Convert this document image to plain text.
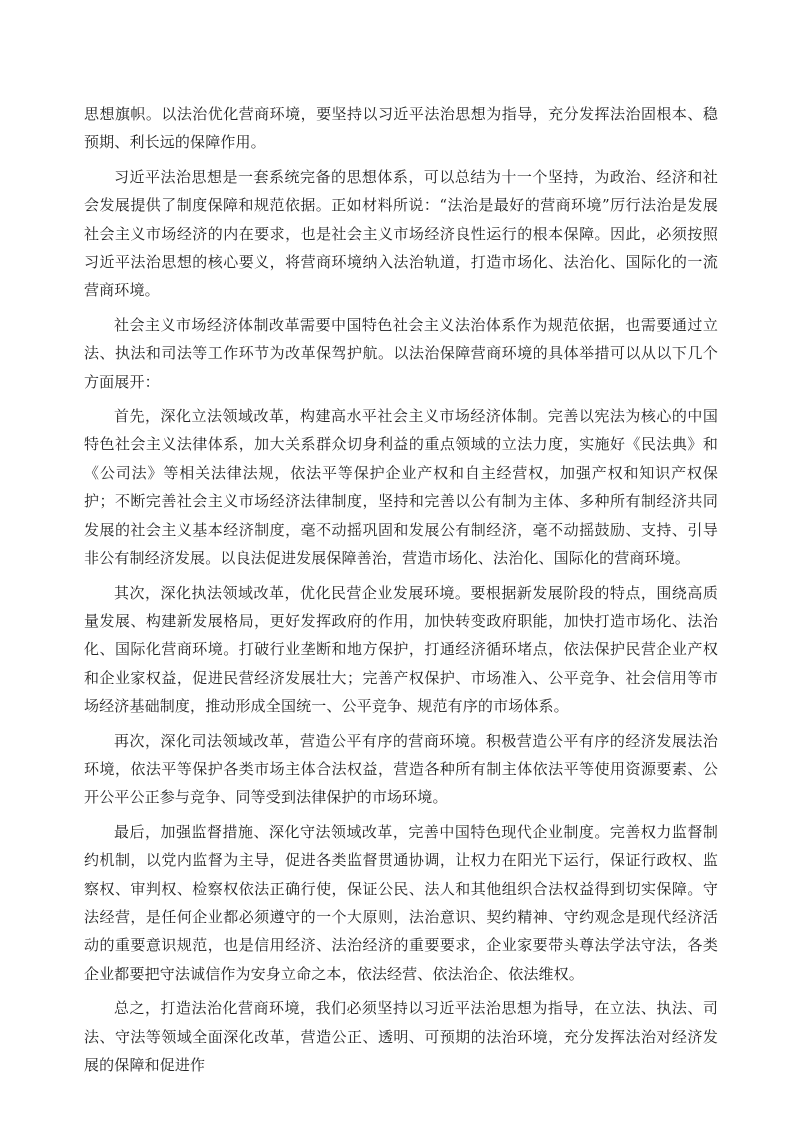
思想旗帜。以法治优化营商环境，要坚持以习近平法治思想为指导，充分发挥法治固根本、稳预期、利长远的保障作用。

习近平法治思想是一套系统完备的思想体系，可以总结为十一个坚持，为政治、经济和社会发展提供了制度保障和规范依据。正如材料所说：“法治是最好的营商环境”厉行法治是发展社会主义市场经济的内在要求，也是社会主义市场经济良性运行的根本保障。因此，必须按照习近平法治思想的核心要义，将营商环境纳入法治轨道，打造市场化、法治化、国际化的一流营商环境。

社会主义市场经济体制改革需要中国特色社会主义法治体系作为规范依据，也需要通过立法、执法和司法等工作环节为改革保驾护航。以法治保障营商环境的具体举措可以从以下几个方面展开：

首先，深化立法领域改革，构建高水平社会主义市场经济体制。完善以宪法为核心的中国特色社会主义法律体系，加大关系群众切身利益的重点领域的立法力度，实施好《民法典》和《公司法》等相关法律法规，依法平等保护企业产权和自主经营权，加强产权和知识产权保护；不断完善社会主义市场经济法律制度，坚持和完善以公有制为主体、多种所有制经济共同发展的社会主义基本经济制度，毫不动摇巩固和发展公有制经济，毫不动摇鼓励、支持、引导非公有制经济发展。以良法促进发展保障善治，营造市场化、法治化、国际化的营商环境。

其次，深化执法领域改革，优化民营企业发展环境。要根据新发展阶段的特点，围绕高质量发展、构建新发展格局，更好发挥政府的作用，加快转变政府职能，加快打造市场化、法治化、国际化营商环境。打破行业垄断和地方保护，打通经济循环堵点，依法保护民营企业产权和企业家权益，促进民营经济发展壮大；完善产权保护、市场准入、公平竞争、社会信用等市场经济基础制度，推动形成全国统一、公平竞争、规范有序的市场体系。

再次，深化司法领域改革，营造公平有序的营商环境。积极营造公平有序的经济发展法治环境，依法平等保护各类市场主体合法权益，营造各种所有制主体依法平等使用资源要素、公开公平公正参与竞争、同等受到法律保护的市场环境。

最后，加强监督措施、深化守法领域改革，完善中国特色现代企业制度。完善权力监督制约机制，以党内监督为主导，促进各类监督贯通协调，让权力在阳光下运行，保证行政权、监察权、审判权、检察权依法正确行使，保证公民、法人和其他组织合法权益得到切实保障。守法经营，是任何企业都必须遵守的一个大原则，法治意识、契约精神、守约观念是现代经济活动的重要意识规范，也是信用经济、法治经济的重要要求，企业家要带头尊法学法守法，各类企业都要把守法诚信作为安身立命之本，依法经营、依法治企、依法维权。

总之，打造法治化营商环境，我们必须坚持以习近平法治思想为指导，在立法、执法、司法、守法等领域全面深化改革，营造公正、透明、可预期的法治环境，充分发挥法治对经济发展的保障和促进作
